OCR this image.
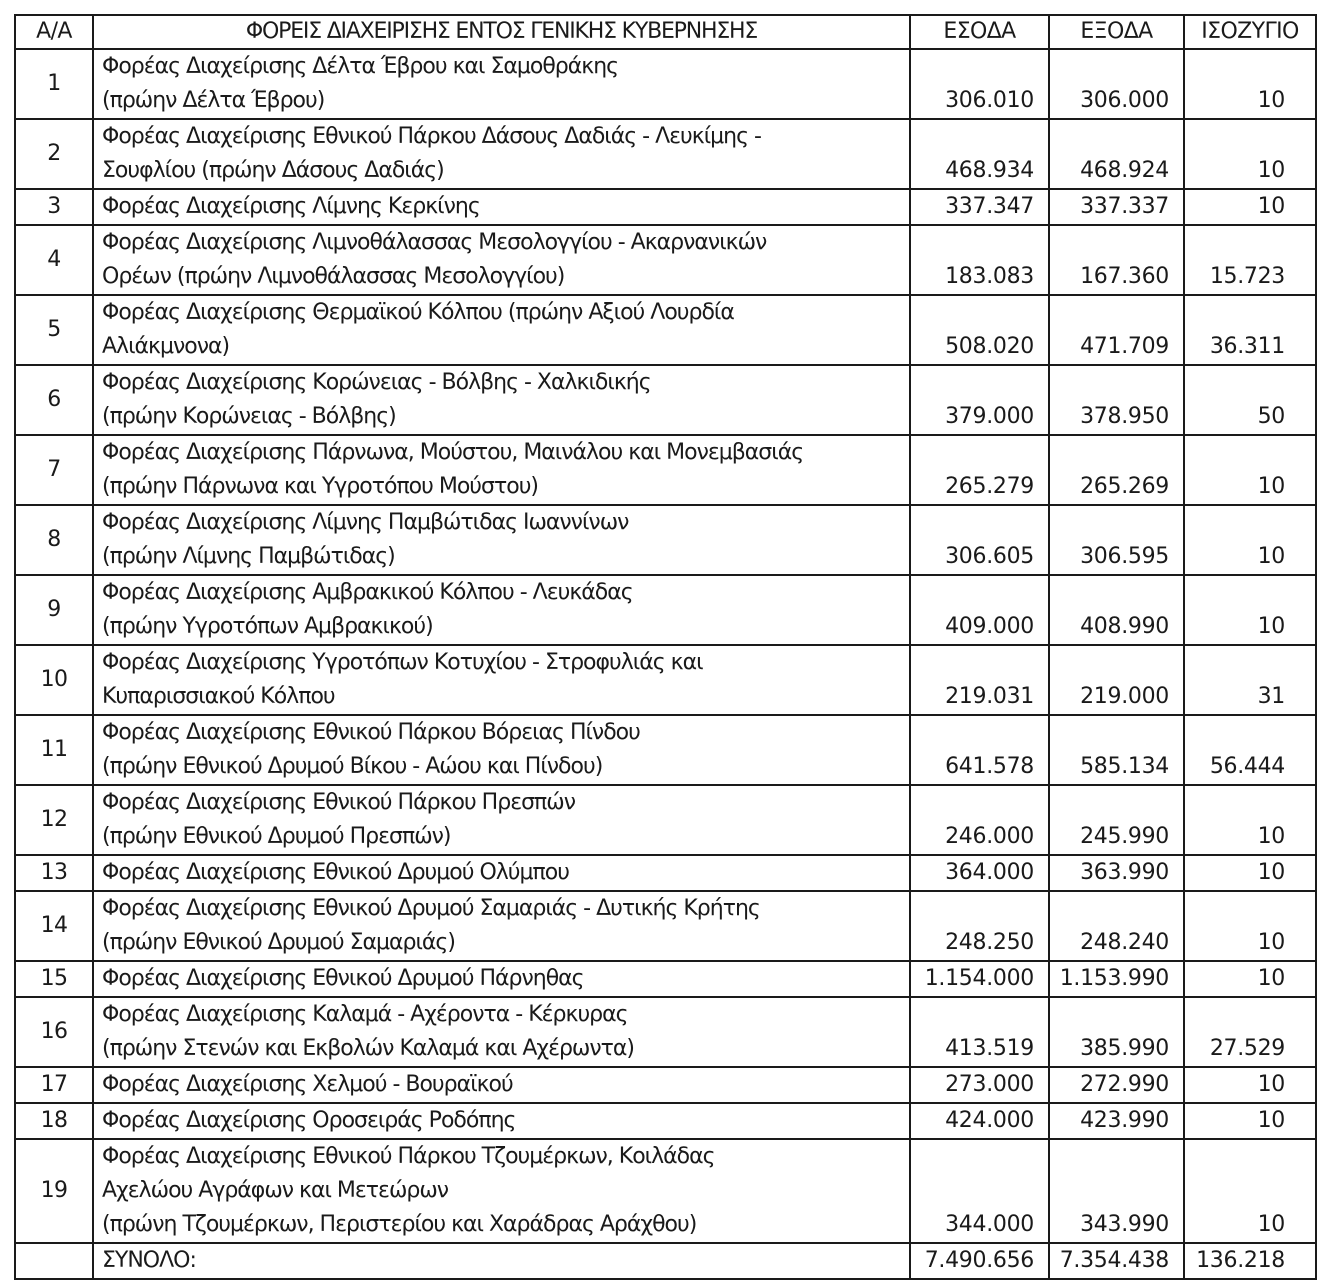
Α/Α	ΦΟΡΕΙΣ ΔΙΑΧΕΙΡΙΣΗΣ ΕΝΤΟΣ ΓΕΝΙΚΗΣ ΚΥΒΕΡΝΗΣΗΣ	ΕΣΟΔΑ	ΕΞΟΔΑ	ΙΣΟΖΥΓΙΟ
1	Φορέας Διαχείρισης Δέλτα Έβρου και Σαμοθράκης
(πρώην Δέλτα Έβρου)	306.010	306.000	10
2	Φορέας Διαχείρισης Εθνικού Πάρκου Δάσους Δαδιάς - Λευκίμης -
Σουφλίου (πρώην Δάσους Δαδιάς)	468.934	468.924	10
3	Φορέας Διαχείρισης Λίμνης Κερκίνης	337.347	337.337	10
4	Φορέας Διαχείρισης Λιμνοθάλασσας Μεσολογγίου - Ακαρνανικών
Ορέων (πρώην Λιμνοθάλασσας Μεσολογγίου)	183.083	167.360	15.723
5	Φορέας Διαχείρισης Θερμαϊκού Κόλπου (πρώην Αξιού Λουρδία
Αλιάκμνονα)	508.020	471.709	36.311
6	Φορέας Διαχείρισης Κορώνειας - Βόλβης - Χαλκιδικής
(πρώην Κορώνειας - Βόλβης)	379.000	378.950	50
7	Φορέας Διαχείρισης Πάρνωνα, Μούστου, Μαινάλου και Μονεμβασιάς
(πρώην Πάρνωνα και Υγροτόπου Μούστου)	265.279	265.269	10
8	Φορέας Διαχείρισης Λίμνης Παμβώτιδας Ιωαννίνων
(πρώην Λίμνης Παμβώτιδας)	306.605	306.595	10
9	Φορέας Διαχείρισης Αμβρακικού Κόλπου - Λευκάδας
(πρώην Υγροτόπων Αμβρακικού)	409.000	408.990	10
10	Φορέας Διαχείρισης Υγροτόπων Κοτυχίου - Στροφυλιάς και
Κυπαρισσιακού Κόλπου	219.031	219.000	31
11	Φορέας Διαχείρισης Εθνικού Πάρκου Βόρειας Πίνδου
(πρώην Εθνικού Δρυμού Βίκου - Αώου και Πίνδου)	641.578	585.134	56.444
12	Φορέας Διαχείρισης Εθνικού Πάρκου Πρεσπών
(πρώην Εθνικού Δρυμού Πρεσπών)	246.000	245.990	10
13	Φορέας Διαχείρισης Εθνικού Δρυμού Ολύμπου	364.000	363.990	10
14	Φορέας Διαχείρισης Εθνικού Δρυμού Σαμαριάς - Δυτικής Κρήτης
(πρώην Εθνικού Δρυμού Σαμαριάς)	248.250	248.240	10
15	Φορέας Διαχείρισης Εθνικού Δρυμού Πάρνηθας	1.154.000	1.153.990	10
16	Φορέας Διαχείρισης Καλαμά - Αχέροντα - Κέρκυρας
(πρώην Στενών και Εκβολών Καλαμά και Αχέρωντα)	413.519	385.990	27.529
17	Φορέας Διαχείρισης Χελμού - Βουραϊκού	273.000	272.990	10
18	Φορέας Διαχείρισης Οροσειράς Ροδόπης	424.000	423.990	10
19	Φορέας Διαχείρισης Εθνικού Πάρκου Τζουμέρκων, Κοιλάδας
Αχελώου Αγράφων και Μετεώρων
(πρώνη Τζουμέρκων, Περιστερίου και Χαράδρας Αράχθου)	344.000	343.990	10
	ΣΥΝΟΛΟ:	7.490.656	7.354.438	136.218
